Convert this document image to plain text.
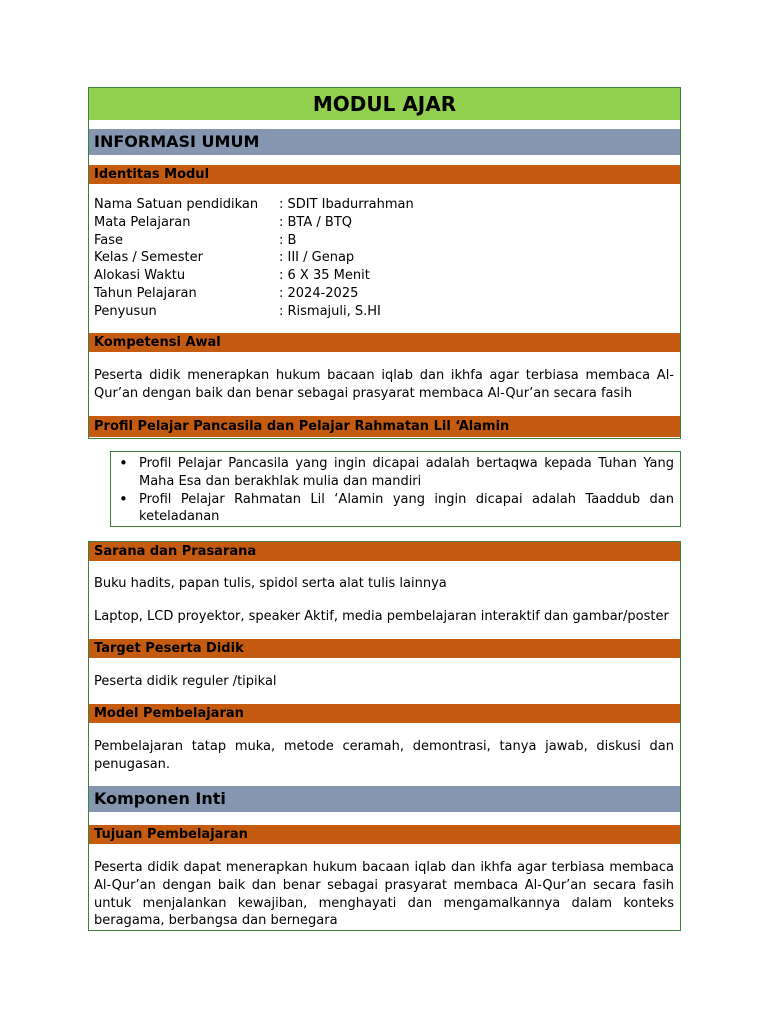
MODUL AJAR
INFORMASI UMUM
Identitas Modul
Nama Satuan pendidikan	: SDIT Ibadurrahman
Mata Pelajaran	: BTA / BTQ
Fase	: B
Kelas / Semester	: III / Genap
Alokasi Waktu	: 6 X 35 Menit
Tahun Pelajaran	: 2024-2025
Penyusun	: Rismajuli, S.HI
Kompetensi Awal
Peserta didik menerapkan hukum bacaan iqlab dan ikhfa agar terbiasa membaca Al-Qur’an dengan baik dan benar sebagai prasyarat membaca Al-Qur’an secara fasih
Profil Pelajar Pancasila dan Pelajar Rahmatan Lil ‘Alamin
• Profil Pelajar Pancasila yang ingin dicapai adalah bertaqwa kepada Tuhan Yang Maha Esa dan berakhlak mulia dan mandiri
• Profil Pelajar Rahmatan Lil ‘Alamin yang ingin dicapai adalah Taaddub dan keteladanan
Sarana dan Prasarana
Buku hadits, papan tulis, spidol serta alat tulis lainnya
Laptop, LCD proyektor, speaker Aktif, media pembelajaran interaktif dan gambar/poster
Target Peserta Didik
Peserta didik reguler /tipikal
Model Pembelajaran
Pembelajaran tatap muka, metode ceramah, demontrasi, tanya jawab, diskusi dan penugasan.
Komponen Inti
Tujuan Pembelajaran
Peserta didik dapat menerapkan hukum bacaan iqlab dan ikhfa agar terbiasa membaca Al-Qur’an dengan baik dan benar sebagai prasyarat membaca Al-Qur’an secara fasih untuk menjalankan kewajiban, menghayati dan mengamalkannya dalam konteks beragama, berbangsa dan bernegara
